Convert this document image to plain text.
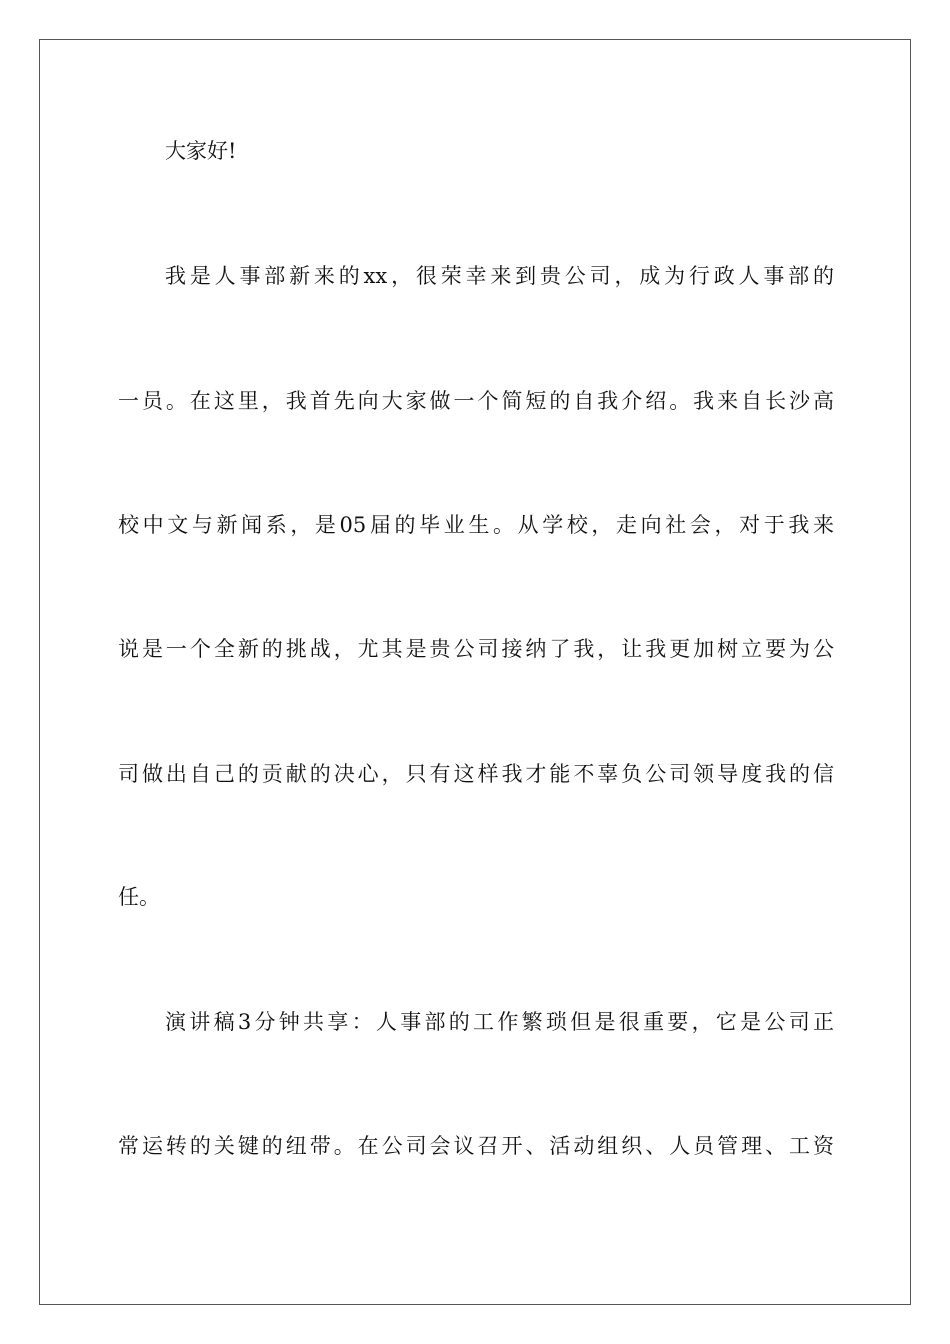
大家好!
我是人事部新来的xx，很荣幸来到贵公司，成为行政人事部的
一员。在这里，我首先向大家做一个简短的自我介绍。我来自长沙高
校中文与新闻系，是05届的毕业生。从学校，走向社会，对于我来
说是一个全新的挑战，尤其是贵公司接纳了我，让我更加树立要为公
司做出自己的贡献的决心，只有这样我才能不辜负公司领导度我的信
任。
演讲稿3分钟共享：人事部的工作繁琐但是很重要，它是公司正
常运转的关键的纽带。在公司会议召开、活动组织、人员管理、工资
